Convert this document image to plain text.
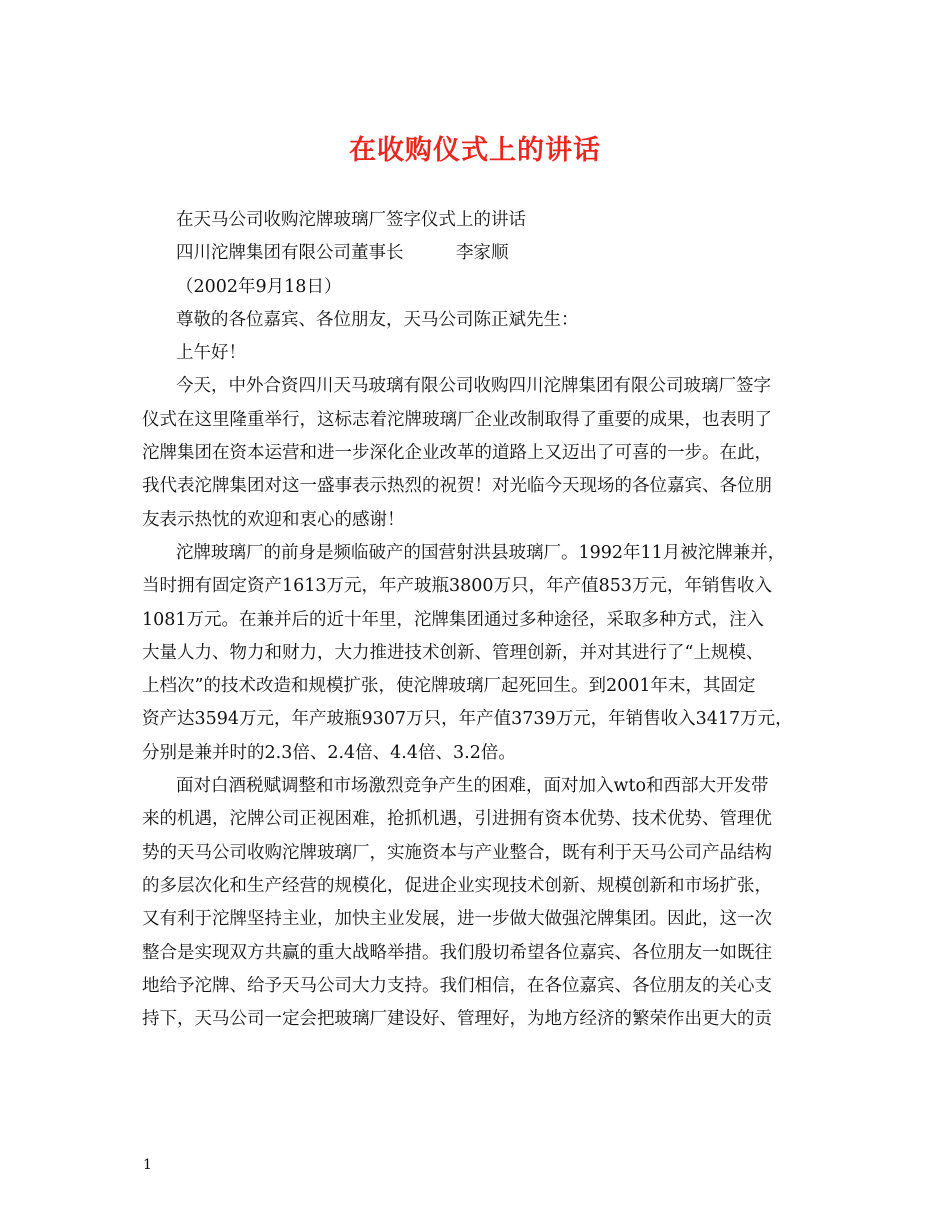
在收购仪式上的讲话
在天马公司收购沱牌玻璃厂签字仪式上的讲话
四川沱牌集团有限公司董事长　　　李家顺
（2002年9月18日）
尊敬的各位嘉宾、各位朋友，天马公司陈正斌先生：
上午好！
今天，中外合资四川天马玻璃有限公司收购四川沱牌集团有限公司玻璃厂签字
仪式在这里隆重举行，这标志着沱牌玻璃厂企业改制取得了重要的成果，也表明了
沱牌集团在资本运营和进一步深化企业改革的道路上又迈出了可喜的一步。在此，
我代表沱牌集团对这一盛事表示热烈的祝贺！对光临今天现场的各位嘉宾、各位朋
友表示热忱的欢迎和衷心的感谢！
沱牌玻璃厂的前身是频临破产的国营射洪县玻璃厂。1992年11月被沱牌兼并，
当时拥有固定资产1613万元，年产玻瓶3800万只，年产值853万元，年销售收入
1081万元。在兼并后的近十年里，沱牌集团通过多种途径，采取多种方式，注入
大量人力、物力和财力，大力推进技术创新、管理创新，并对其进行了“上规模、
上档次”的技术改造和规模扩张，使沱牌玻璃厂起死回生。到2001年末，其固定
资产达3594万元，年产玻瓶9307万只，年产值3739万元，年销售收入3417万元，
分别是兼并时的2.3倍、2.4倍、4.4倍、3.2倍。
面对白酒税赋调整和市场激烈竞争产生的困难，面对加入wto和西部大开发带
来的机遇，沱牌公司正视困难，抢抓机遇，引进拥有资本优势、技术优势、管理优
势的天马公司收购沱牌玻璃厂，实施资本与产业整合，既有利于天马公司产品结构
的多层次化和生产经营的规模化，促进企业实现技术创新、规模创新和市场扩张，
又有利于沱牌坚持主业，加快主业发展，进一步做大做强沱牌集团。因此，这一次
整合是实现双方共赢的重大战略举措。我们殷切希望各位嘉宾、各位朋友一如既往
地给予沱牌、给予天马公司大力支持。我们相信，在各位嘉宾、各位朋友的关心支
持下，天马公司一定会把玻璃厂建设好、管理好，为地方经济的繁荣作出更大的贡
1
